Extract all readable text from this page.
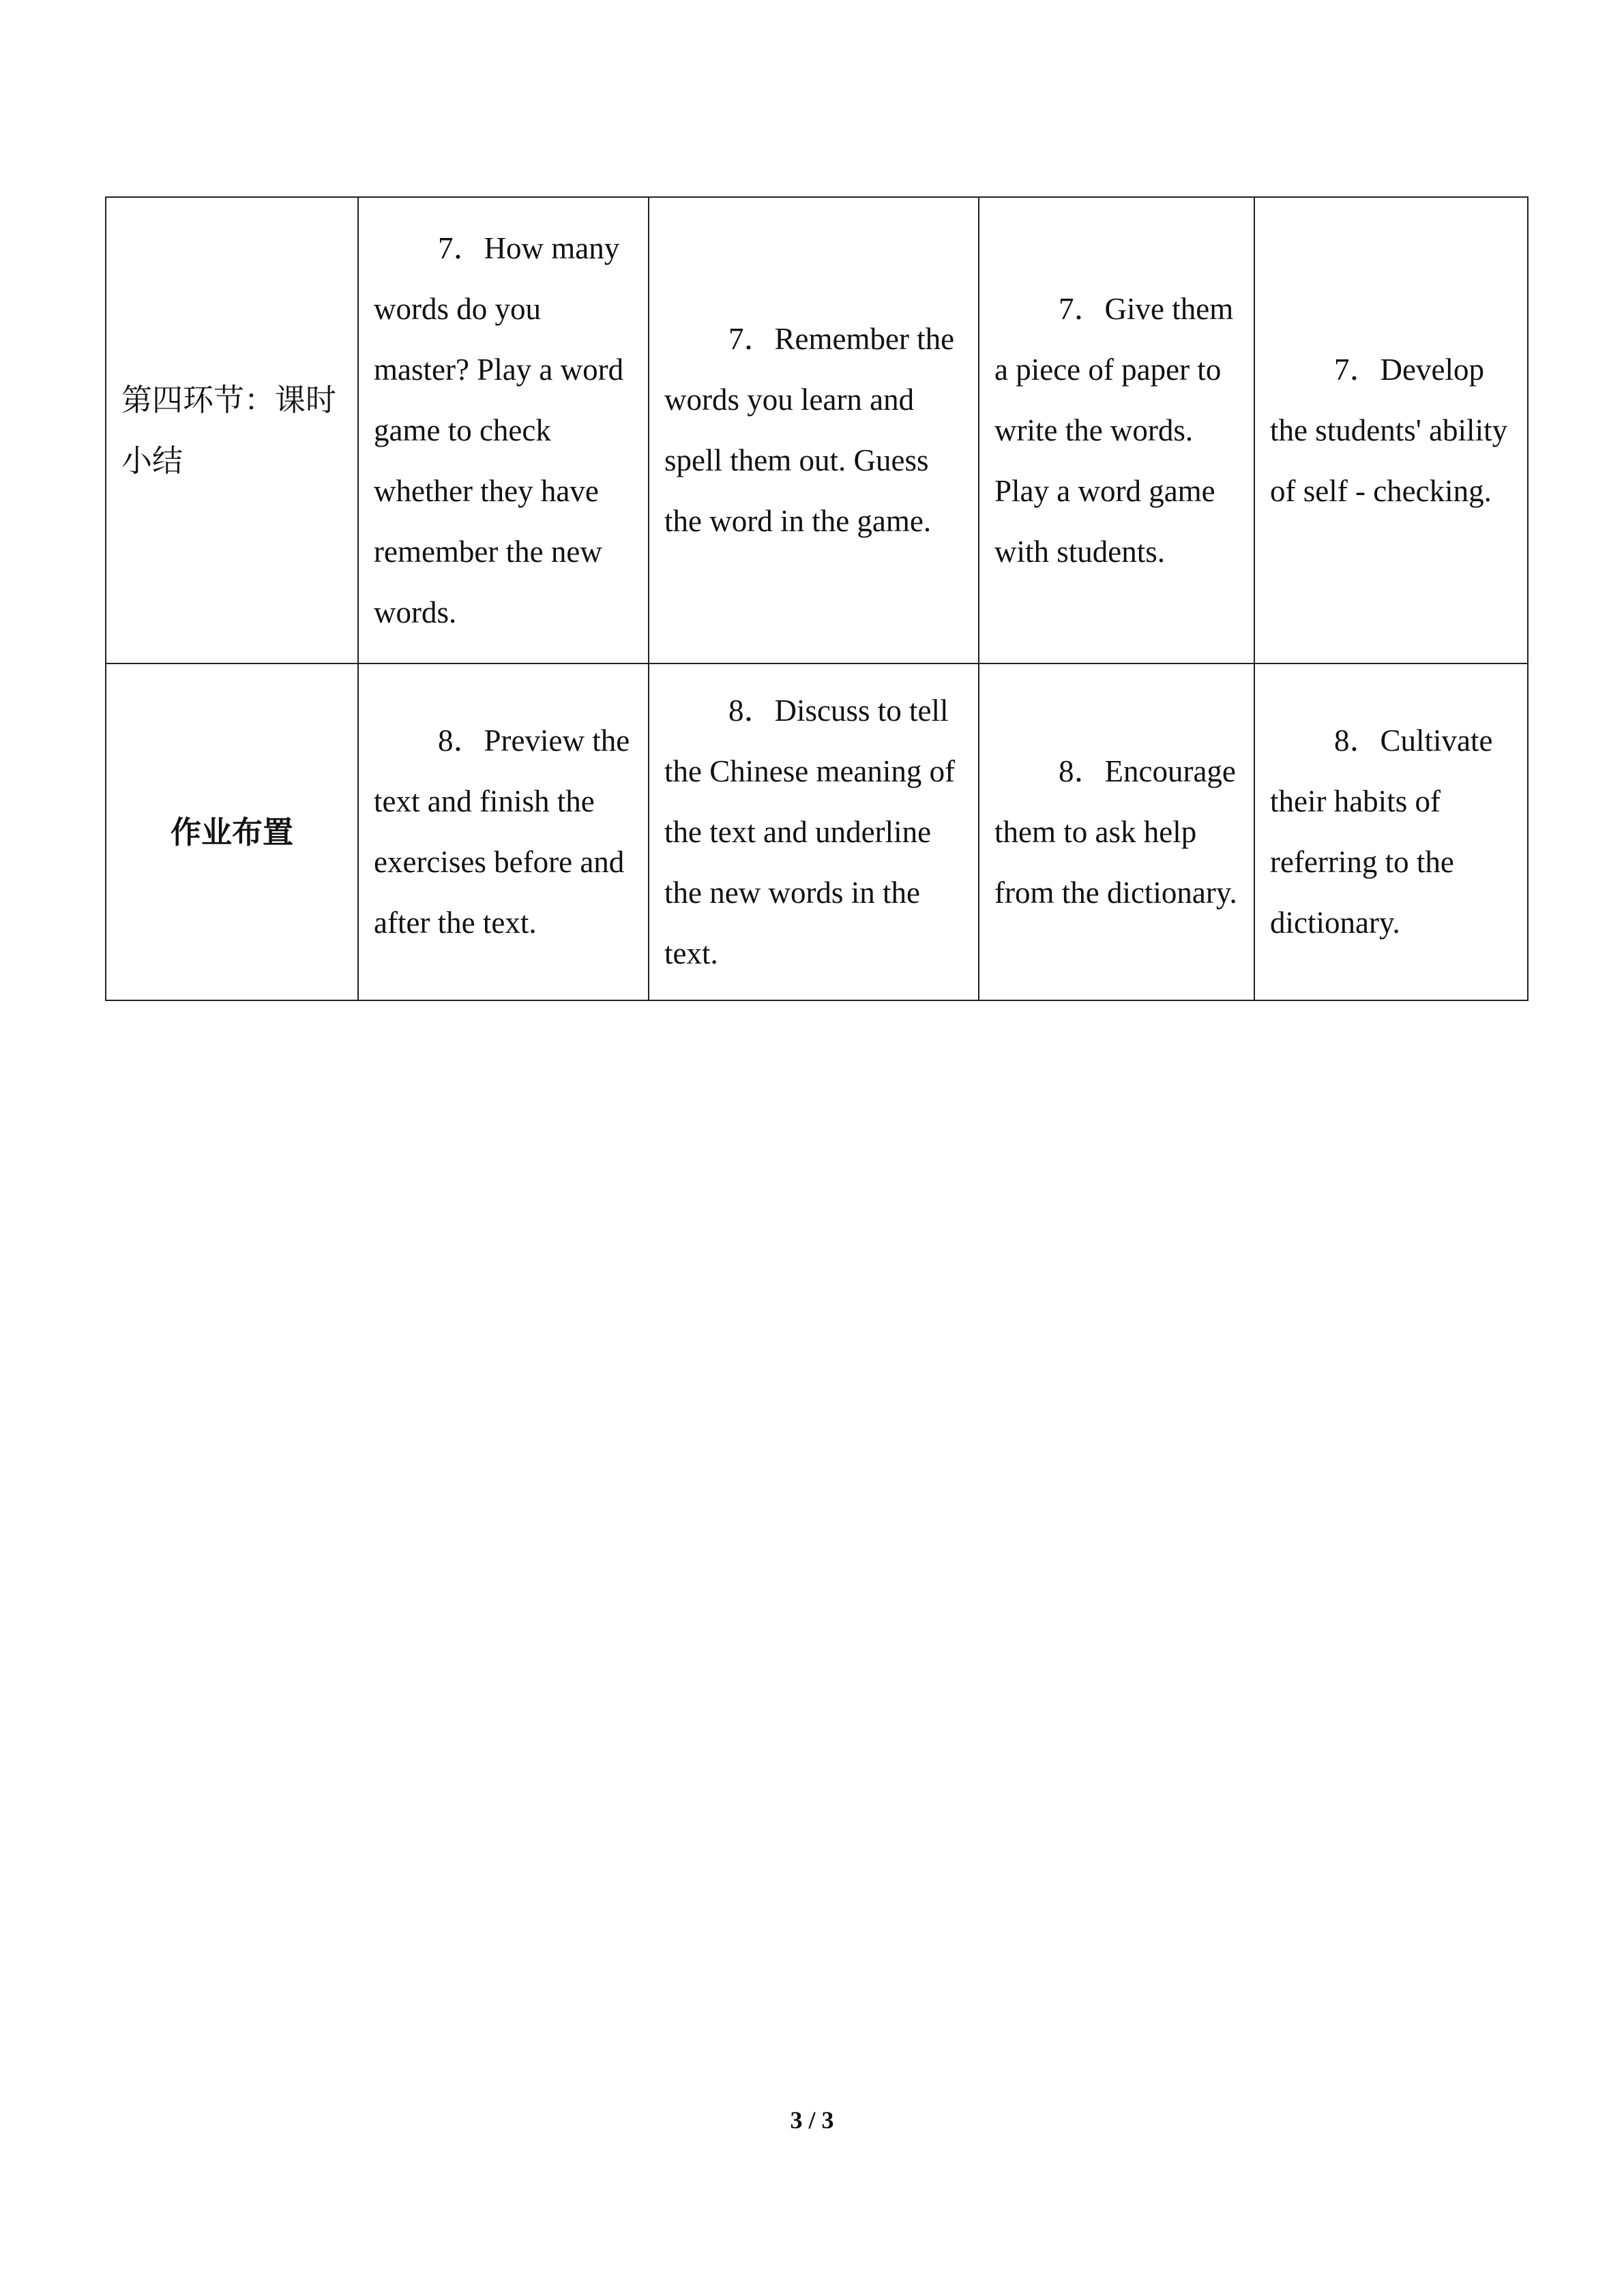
第四环节：课时小结	7．How many words do you master? Play a word game to check whether they have remember the new words.	7．Remember the words you learn and spell them out. Guess the word in the game.	7．Give them a piece of paper to write the words. Play a word game with students.	7．Develop the students' ability of self - checking.

作业布置	8．Preview the text and finish the exercises before and after the text.	8．Discuss to tell the Chinese meaning of the text and underline the new words in the text.	8．Encourage them to ask help from the dictionary.	8．Cultivate their habits of referring to the dictionary.
3 / 3
